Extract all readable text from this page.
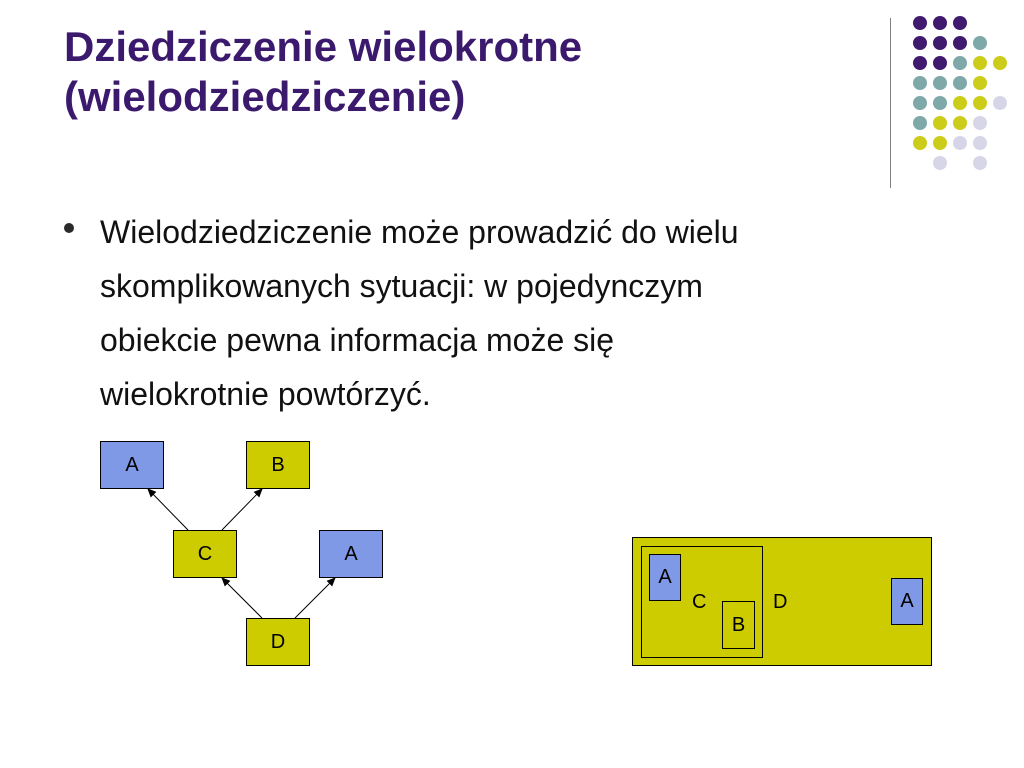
Dziedziczenie wielokrotne
(wielodziedziczenie)
Wielodziedziczenie może prowadzić do wielu
skomplikowanych sytuacji: w pojedynczym
obiekcie pewna informacja może się
wielokrotnie powtórzyć.
A	B
C	A
D
A
B
A
C	D
